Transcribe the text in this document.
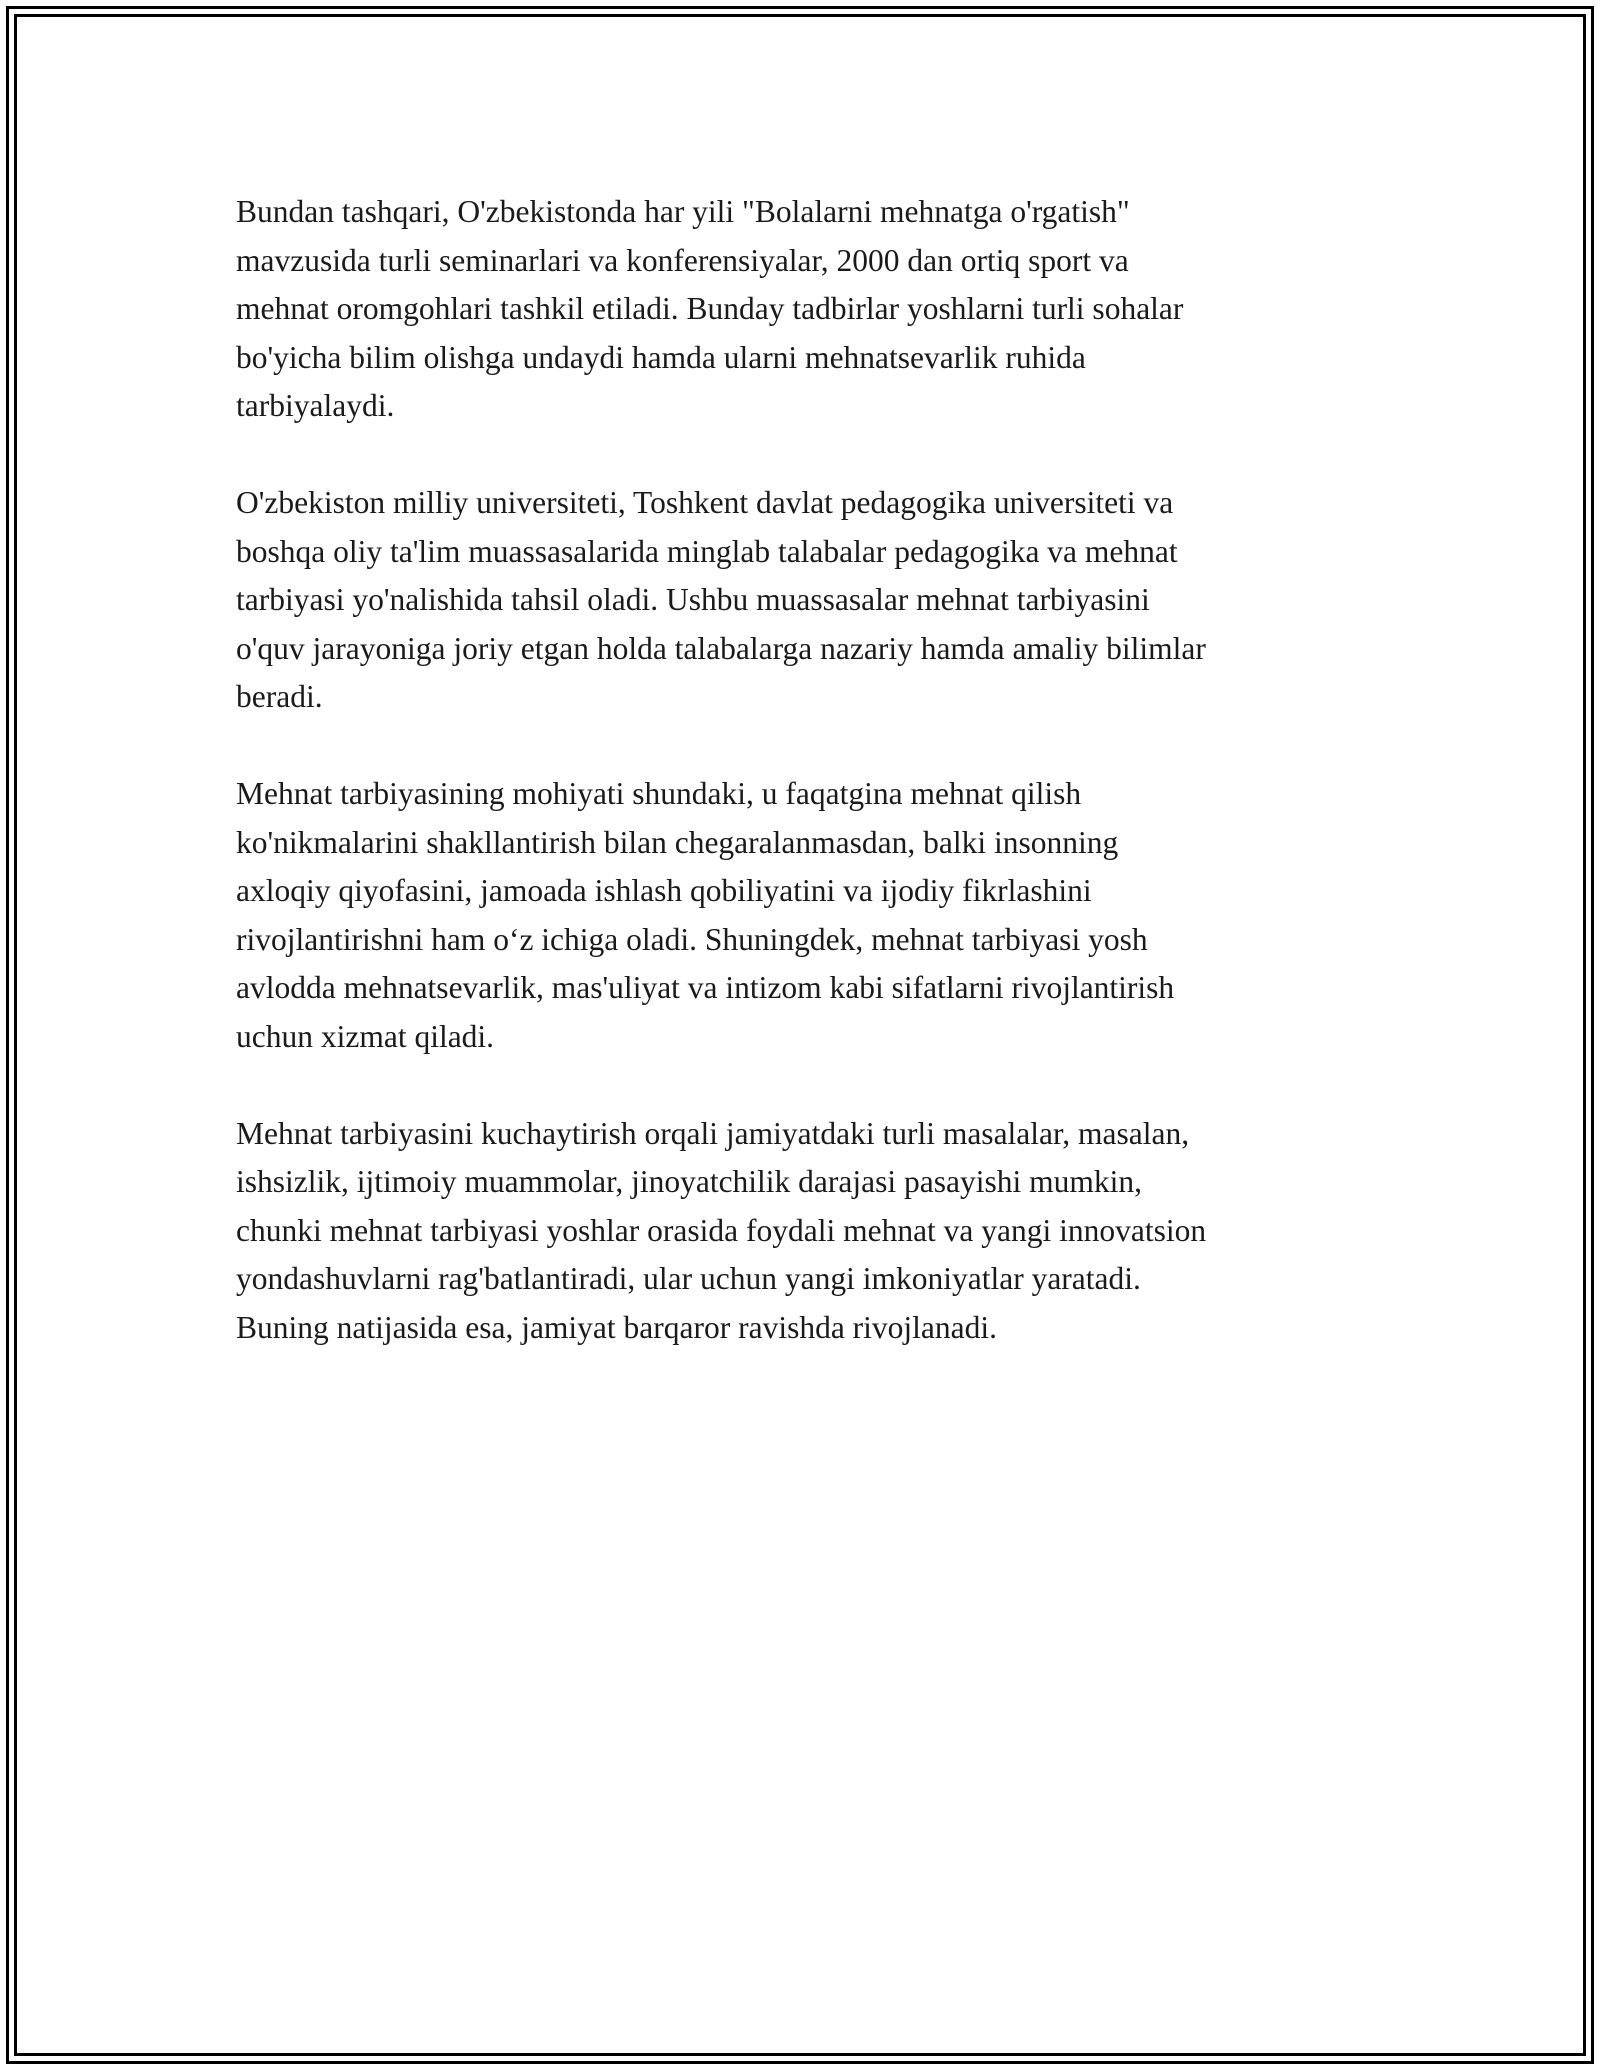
Bundan tashqari, O'zbekistonda har yili "Bolalarni mehnatga o'rgatish"
mavzusida turli seminarlari va konferensiyalar, 2000 dan ortiq sport va
mehnat oromgohlari tashkil etiladi. Bunday tadbirlar yoshlarni turli sohalar
bo'yicha bilim olishga undaydi hamda ularni mehnatsevarlik ruhida
tarbiyalaydi.

O'zbekiston milliy universiteti, Toshkent davlat pedagogika universiteti va
boshqa oliy ta'lim muassasalarida minglab talabalar pedagogika va mehnat
tarbiyasi yo'nalishida tahsil oladi. Ushbu muassasalar mehnat tarbiyasini
o'quv jarayoniga joriy etgan holda talabalarga nazariy hamda amaliy bilimlar
beradi.

Mehnat tarbiyasining mohiyati shundaki, u faqatgina mehnat qilish
ko'nikmalarini shakllantirish bilan chegaralanmasdan, balki insonning
axloqiy qiyofasini, jamoada ishlash qobiliyatini va ijodiy fikrlashini
rivojlantirishni ham o‘z ichiga oladi. Shuningdek, mehnat tarbiyasi yosh
avlodda mehnatsevarlik, mas'uliyat va intizom kabi sifatlarni rivojlantirish
uchun xizmat qiladi.

Mehnat tarbiyasini kuchaytirish orqali jamiyatdaki turli masalalar, masalan,
ishsizlik, ijtimoiy muammolar, jinoyatchilik darajasi pasayishi mumkin,
chunki mehnat tarbiyasi yoshlar orasida foydali mehnat va yangi innovatsion
yondashuvlarni rag'batlantiradi, ular uchun yangi imkoniyatlar yaratadi.
Buning natijasida esa, jamiyat barqaror ravishda rivojlanadi.
